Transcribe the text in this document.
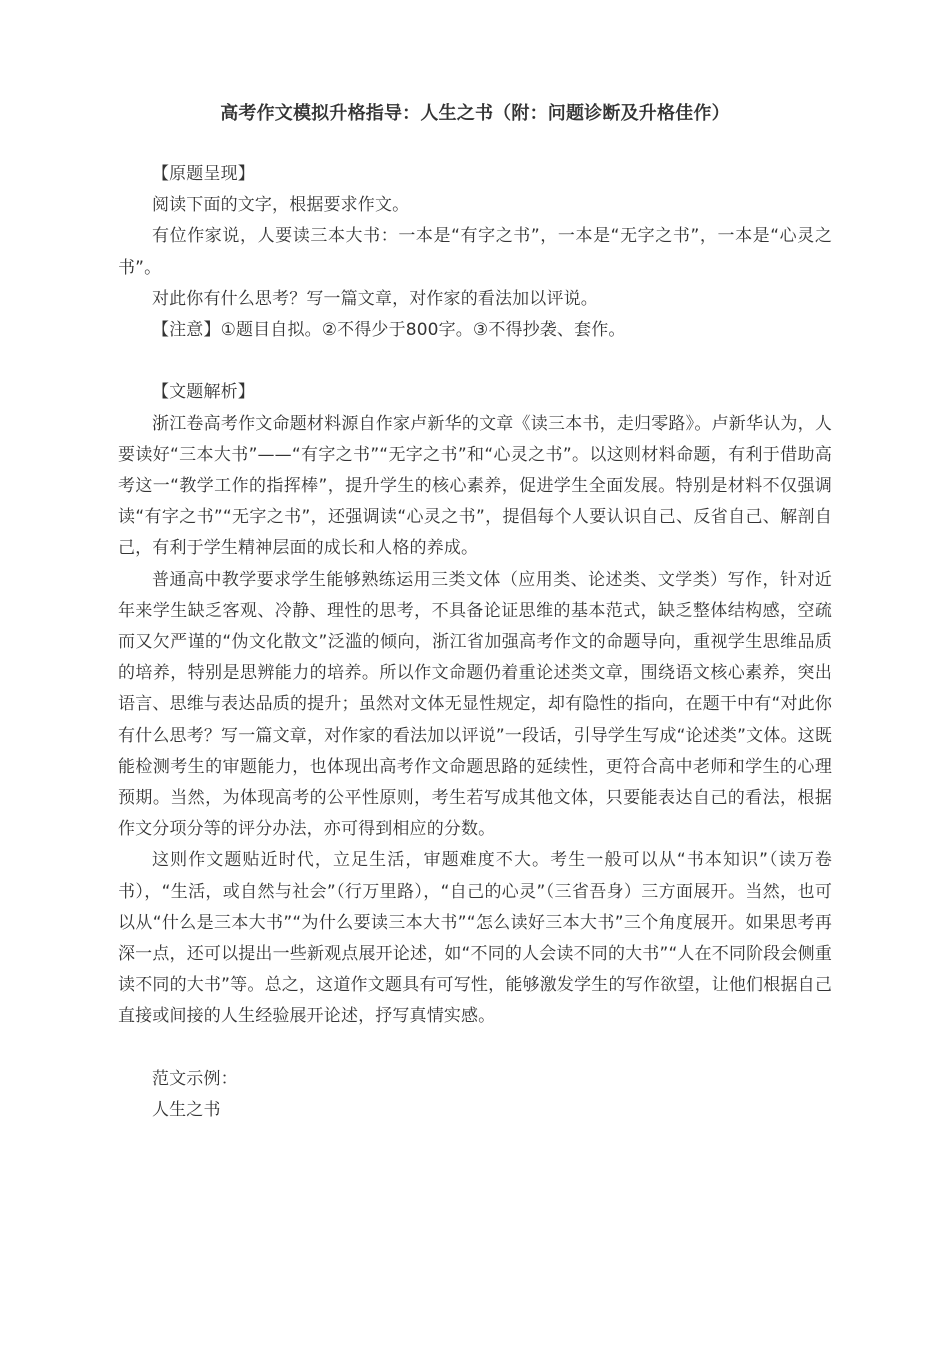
高考作文模拟升格指导：人生之书（附：问题诊断及升格佳作）

【原题呈现】

阅读下面的文字，根据要求作文。

有位作家说，人要读三本大书：一本是“有字之书”，一本是“无字之书”，一本是“心灵之书”。

对此你有什么思考？写一篇文章，对作家的看法加以评说。

【注意】①题目自拟。②不得少于800字。③不得抄袭、套作。

【文题解析】

浙江卷高考作文命题材料源自作家卢新华的文章《读三本书，走归零路》。卢新华认为，人要读好“三本大书”——“有字之书”“无字之书”和“心灵之书”。以这则材料命题，有利于借助高考这一“教学工作的指挥棒”，提升学生的核心素养，促进学生全面发展。特别是材料不仅强调读“有字之书”“无字之书”，还强调读“心灵之书”，提倡每个人要认识自己、反省自己、解剖自己，有利于学生精神层面的成长和人格的养成。

普通高中教学要求学生能够熟练运用三类文体（应用类、论述类、文学类）写作，针对近年来学生缺乏客观、冷静、理性的思考，不具备论证思维的基本范式，缺乏整体结构感，空疏而又欠严谨的“伪文化散文”泛滥的倾向，浙江省加强高考作文的命题导向，重视学生思维品质的培养，特别是思辨能力的培养。所以作文命题仍着重论述类文章，围绕语文核心素养，突出语言、思维与表达品质的提升；虽然对文体无显性规定，却有隐性的指向，在题干中有“对此你有什么思考？写一篇文章，对作家的看法加以评说”一段话，引导学生写成“论述类”文体。这既能检测考生的审题能力，也体现出高考作文命题思路的延续性，更符合高中老师和学生的心理预期。当然，为体现高考的公平性原则，考生若写成其他文体，只要能表达自己的看法，根据作文分项分等的评分办法，亦可得到相应的分数。

这则作文题贴近时代，立足生活，审题难度不大。考生一般可以从“书本知识”（读万卷书），“生活，或自然与社会”（行万里路），“自己的心灵”（三省吾身）三方面展开。当然，也可以从“什么是三本大书”“为什么要读三本大书”“怎么读好三本大书”三个角度展开。如果思考再深一点，还可以提出一些新观点展开论述，如“不同的人会读不同的大书”“人在不同阶段会侧重读不同的大书”等。总之，这道作文题具有可写性，能够激发学生的写作欲望，让他们根据自己直接或间接的人生经验展开论述，抒写真情实感。

范文示例：

人生之书
